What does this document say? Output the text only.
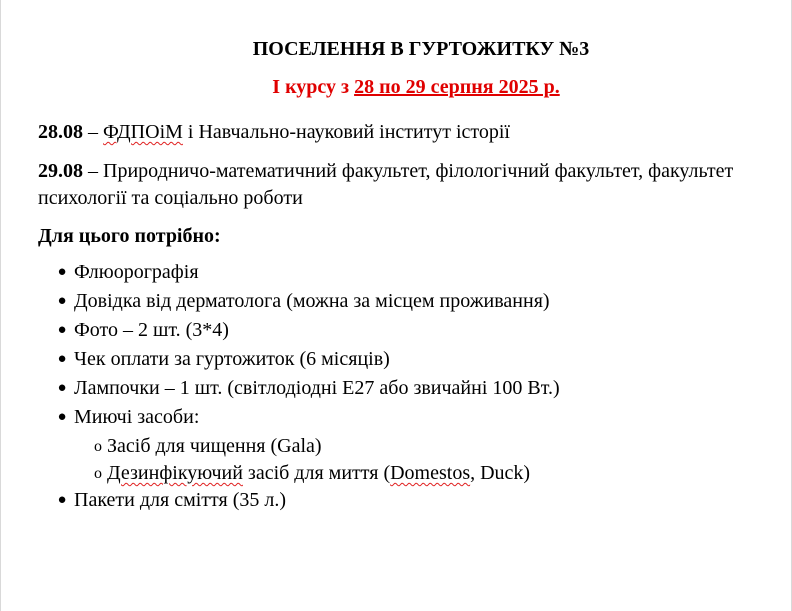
ПОСЕЛЕННЯ В ГУРТОЖИТКУ №3
I курсу з 28 по 29 серпня 2025 р.
28.08 – ФДПОіМ і Навчально-науковий інститут історії
29.08 – Природничо-математичний факультет, філологічний факультет, факультет психології та соціально роботи
Для цього потрібно:
● Флюорографія
● Довідка від дерматолога (можна за місцем проживання)
● Фото – 2 шт. (3*4)
● Чек оплати за гуртожиток (6 місяців)
● Лампочки – 1 шт. (світлодіодні Е27 або звичайні 100 Вт.)
● Миючі засоби:
o Засіб для чищення (Gala)
o Дезинфікуючий засіб для миття (Domestos, Duck)
● Пакети для сміття (35 л.)
